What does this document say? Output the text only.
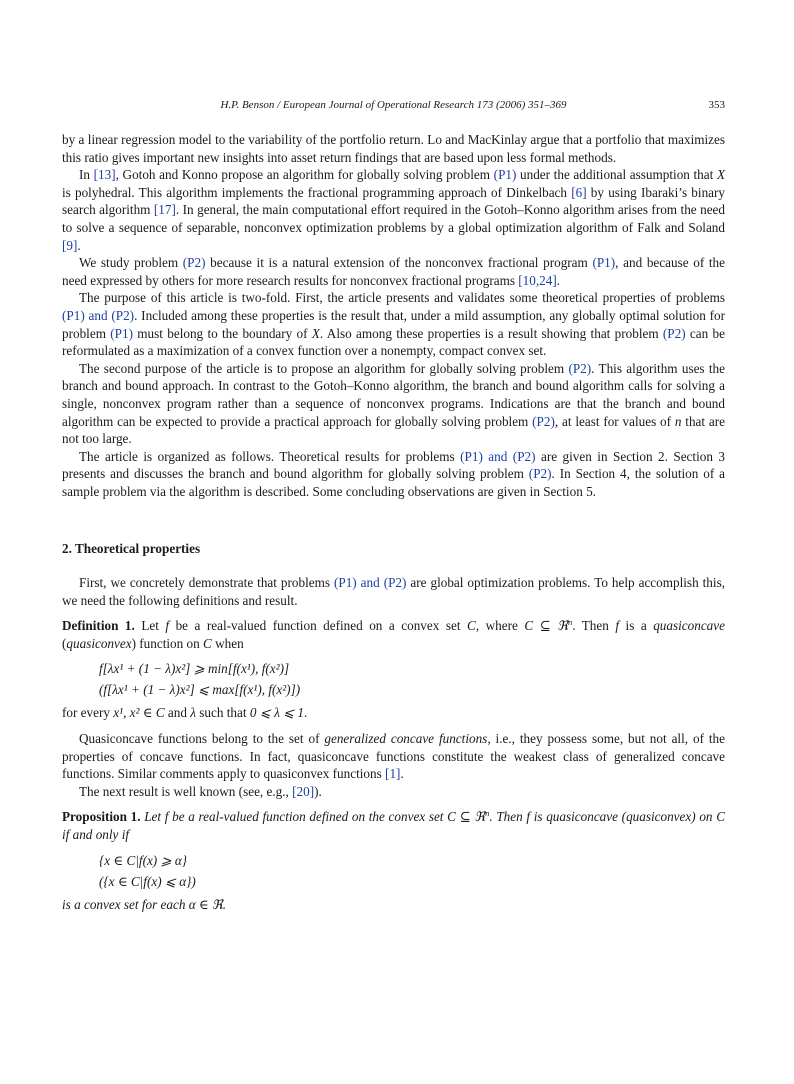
H.P. Benson / European Journal of Operational Research 173 (2006) 351–369	353

by a linear regression model to the variability of the portfolio return. Lo and MacKinlay argue that a portfolio that maximizes this ratio gives important new insights into asset return findings that are based upon less formal methods.

In [13], Gotoh and Konno propose an algorithm for globally solving problem (P1) under the additional assumption that X is polyhedral. This algorithm implements the fractional programming approach of Dinkelbach [6] by using Ibaraki’s binary search algorithm [17]. In general, the main computational effort required in the Gotoh–Konno algorithm arises from the need to solve a sequence of separable, nonconvex optimization problems by a global optimization algorithm of Falk and Soland [9].

We study problem (P2) because it is a natural extension of the nonconvex fractional program (P1), and because of the need expressed by others for more research results for nonconvex fractional programs [10,24].

The purpose of this article is two-fold. First, the article presents and validates some theoretical properties of problems (P1) and (P2). Included among these properties is the result that, under a mild assumption, any globally optimal solution for problem (P1) must belong to the boundary of X. Also among these properties is a result showing that problem (P2) can be reformulated as a maximization of a convex function over a nonempty, compact convex set.

The second purpose of the article is to propose an algorithm for globally solving problem (P2). This algorithm uses the branch and bound approach. In contrast to the Gotoh–Konno algorithm, the branch and bound algorithm calls for solving a single, nonconvex program rather than a sequence of nonconvex programs. Indications are that the branch and bound algorithm can be expected to provide a practical approach for globally solving problem (P2), at least for values of n that are not too large.

The article is organized as follows. Theoretical results for problems (P1) and (P2) are given in Section 2. Section 3 presents and discusses the branch and bound algorithm for globally solving problem (P2). In Section 4, the solution of a sample problem via the algorithm is described. Some concluding observations are given in Section 5.

2. Theoretical properties

First, we concretely demonstrate that problems (P1) and (P2) are global optimization problems. To help accomplish this, we need the following definitions and result.

Definition 1. Let f be a real-valued function defined on a convex set C, where C ⊆ ℜ$^n$. Then f is a quasiconcave (quasiconvex) function on C when

f[λx¹ + (1 − λ)x²] ⩾ min[f(x¹), f(x²)]
(f[λx¹ + (1 − λ)x²] ⩽ max[f(x¹), f(x²)])

for every x¹, x² ∈ C and λ such that 0 ⩽ λ ⩽ 1.

Quasiconcave functions belong to the set of generalized concave functions, i.e., they possess some, but not all, of the properties of concave functions. In fact, quasiconcave functions constitute the weakest class of generalized concave functions. Similar comments apply to quasiconvex functions [1].

The next result is well known (see, e.g., [20]).

Proposition 1. Let f be a real-valued function defined on the convex set C ⊆ ℜ$^n$. Then f is quasiconcave (quasiconvex) on C if and only if

{x ∈ C|f(x) ⩾ α}
({x ∈ C|f(x) ⩽ α})

is a convex set for each α ∈ ℜ.
